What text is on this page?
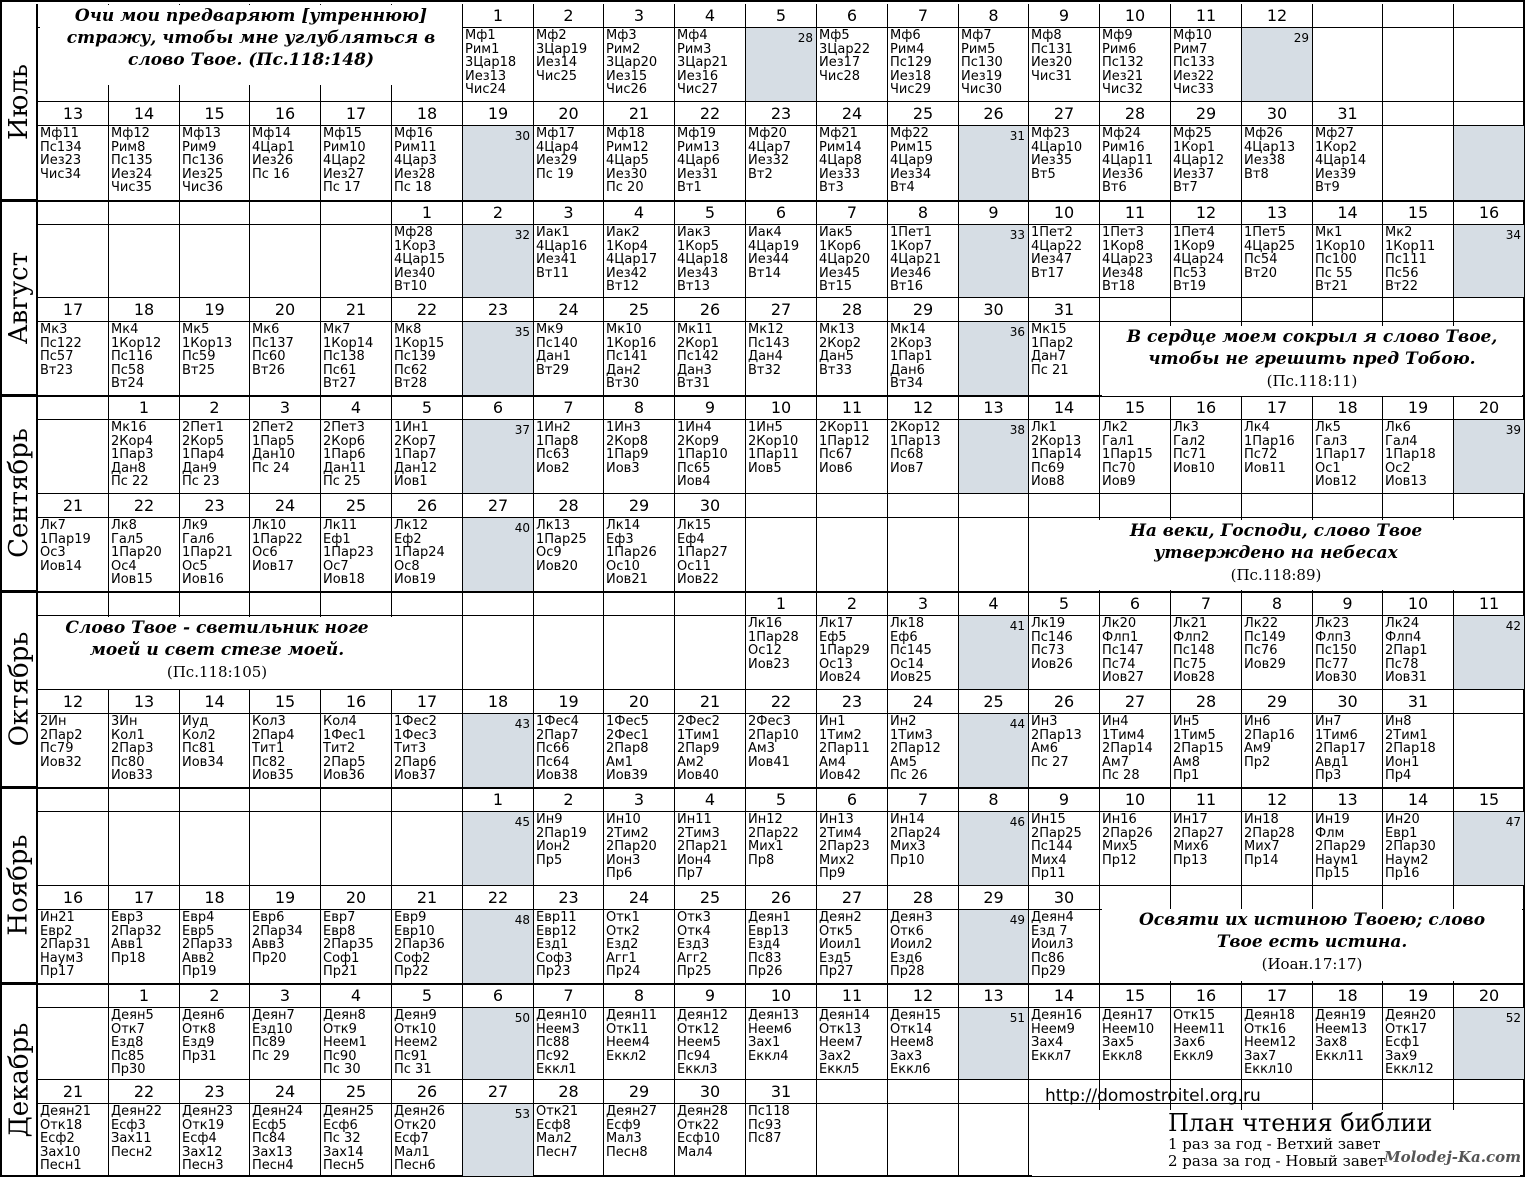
Июль
1
Мф1
Рим1
3Цар18
Иез13
Чис24
2
Мф2
3Цар19
Иез14
Чис25
3
Мф3
Рим2
3Цар20
Иез15
Чис26
4
Мф4
Рим3
3Цар21
Иез16
Чис27
5
28
6
Мф5
3Цар22
Иез17
Чис28
7
Мф6
Рим4
Пс129
Иез18
Чис29
8
Мф7
Рим5
Пс130
Иез19
Чис30
9
Мф8
Пс131
Иез20
Чис31
10
Мф9
Рим6
Пс132
Иез21
Чис32
11
Мф10
Рим7
Пс133
Иез22
Чис33
12
29
13
Мф11
Пс134
Иез23
Чис34
14
Мф12
Рим8
Пс135
Иез24
Чис35
15
Мф13
Рим9
Пс136
Иез25
Чис36
16
Мф14
4Цар1
Иез26
Пс 16
17
Мф15
Рим10
4Цар2
Иез27
Пс 17
18
Мф16
Рим11
4Цар3
Иез28
Пс 18
19
30
20
Мф17
4Цар4
Иез29
Пс 19
21
Мф18
Рим12
4Цар5
Иез30
Пс 20
22
Мф19
Рим13
4Цар6
Иез31
Вт1
23
Мф20
4Цар7
Иез32
Вт2
24
Мф21
Рим14
4Цар8
Иез33
Вт3
25
Мф22
Рим15
4Цар9
Иез34
Вт4
26
31
27
Мф23
4Цар10
Иез35
Вт5
28
Мф24
Рим16
4Цар11
Иез36
Вт6
29
Мф25
1Кор1
4Цар12
Иез37
Вт7
30
Мф26
4Цар13
Иез38
Вт8
31
Мф27
1Кор2
4Цар14
Иез39
Вт9
Август
1
Мф28
1Кор3
4Цар15
Иез40
Вт10
2
32
3
Иак1
4Цар16
Иез41
Вт11
4
Иак2
1Кор4
4Цар17
Иез42
Вт12
5
Иак3
1Кор5
4Цар18
Иез43
Вт13
6
Иак4
4Цар19
Иез44
Вт14
7
Иак5
1Кор6
4Цар20
Иез45
Вт15
8
1Пет1
1Кор7
4Цар21
Иез46
Вт16
9
33
10
1Пет2
4Цар22
Иез47
Вт17
11
1Пет3
1Кор8
4Цар23
Иез48
Вт18
12
1Пет4
1Кор9
4Цар24
Пс53
Вт19
13
1Пет5
4Цар25
Пс54
Вт20
14
Мк1
1Кор10
Пс100
Пс 55
Вт21
15
Мк2
1Кор11
Пс111
Пс56
Вт22
16
34
17
Мк3
Пс122
Пс57
Вт23
18
Мк4
1Кор12
Пс116
Пс58
Вт24
19
Мк5
1Кор13
Пс59
Вт25
20
Мк6
Пс137
Пс60
Вт26
21
Мк7
1Кор14
Пс138
Пс61
Вт27
22
Мк8
1Кор15
Пс139
Пс62
Вт28
23
35
24
Мк9
Пс140
Дан1
Вт29
25
Мк10
1Кор16
Пс141
Дан2
Вт30
26
Мк11
2Кор1
Пс142
Дан3
Вт31
27
Мк12
Пс143
Дан4
Вт32
28
Мк13
2Кор2
Дан5
Вт33
29
Мк14
2Кор3
1Пар1
Дан6
Вт34
30
36
31
Мк15
1Пар2
Дан7
Пс 21
Сентябрь
1
Мк16
2Кор4
1Пар3
Дан8
Пс 22
2
2Пет1
2Кор5
1Пар4
Дан9
Пс 23
3
2Пет2
1Пар5
Дан10
Пс 24
4
2Пет3
2Кор6
1Пар6
Дан11
Пс 25
5
1Ин1
2Кор7
1Пар7
Дан12
Иов1
6
37
7
1Ин2
1Пар8
Пс63
Иов2
8
1Ин3
2Кор8
1Пар9
Иов3
9
1Ин4
2Кор9
1Пар10
Пс65
Иов4
10
1Ин5
2Кор10
1Пар11
Иов5
11
2Кор11
1Пар12
Пс67
Иов6
12
2Кор12
1Пар13
Пс68
Иов7
13
38
14
Лк1
2Кор13
1Пар14
Пс69
Иов8
15
Лк2
Гал1
1Пар15
Пс70
Иов9
16
Лк3
Гал2
Пс71
Иов10
17
Лк4
1Пар16
Пс72
Иов11
18
Лк5
Гал3
1Пар17
Ос1
Иов12
19
Лк6
Гал4
1Пар18
Ос2
Иов13
20
39
21
Лк7
1Пар19
Ос3
Иов14
22
Лк8
Гал5
1Пар20
Ос4
Иов15
23
Лк9
Гал6
1Пар21
Ос5
Иов16
24
Лк10
1Пар22
Ос6
Иов17
25
Лк11
Еф1
1Пар23
Ос7
Иов18
26
Лк12
Еф2
1Пар24
Ос8
Иов19
27
40
28
Лк13
1Пар25
Ос9
Иов20
29
Лк14
Еф3
1Пар26
Ос10
Иов21
30
Лк15
Еф4
1Пар27
Ос11
Иов22
Октябрь
1
Лк16
1Пар28
Ос12
Иов23
2
Лк17
Еф5
1Пар29
Ос13
Иов24
3
Лк18
Еф6
Пс145
Ос14
Иов25
4
41
5
Лк19
Пс146
Пс73
Иов26
6
Лк20
Флп1
Пс147
Пс74
Иов27
7
Лк21
Флп2
Пс148
Пс75
Иов28
8
Лк22
Пс149
Пс76
Иов29
9
Лк23
Флп3
Пс150
Пс77
Иов30
10
Лк24
Флп4
2Пар1
Пс78
Иов31
11
42
12
2Ин
2Пар2
Пс79
Иов32
13
3Ин
Кол1
2Пар3
Пс80
Иов33
14
Иуд
Кол2
Пс81
Иов34
15
Кол3
2Пар4
Тит1
Пс82
Иов35
16
Кол4
1Фес1
Тит2
2Пар5
Иов36
17
1Фес2
1Фес3
Тит3
2Пар6
Иов37
18
43
19
1Фес4
2Пар7
Пс66
Пс64
Иов38
20
1Фес5
2Фес1
2Пар8
Ам1
Иов39
21
2Фес2
1Тим1
2Пар9
Ам2
Иов40
22
2Фес3
2Пар10
Ам3
Иов41
23
Ин1
1Тим2
2Пар11
Ам4
Иов42
24
Ин2
1Тим3
2Пар12
Ам5
Пс 26
25
44
26
Ин3
2Пар13
Ам6
Пс 27
27
Ин4
1Тим4
2Пар14
Ам7
Пс 28
28
Ин5
1Тим5
2Пар15
Ам8
Пр1
29
Ин6
2Пар16
Ам9
Пр2
30
Ин7
1Тим6
2Пар17
Авд1
Пр3
31
Ин8
2Тим1
2Пар18
Ион1
Пр4
Ноябрь
1
45
2
Ин9
2Пар19
Ион2
Пр5
3
Ин10
2Тим2
2Пар20
Ион3
Пр6
4
Ин11
2Тим3
2Пар21
Ион4
Пр7
5
Ин12
2Пар22
Мих1
Пр8
6
Ин13
2Тим4
2Пар23
Мих2
Пр9
7
Ин14
2Пар24
Мих3
Пр10
8
46
9
Ин15
2Пар25
Пс144
Мих4
Пр11
10
Ин16
2Пар26
Мих5
Пр12
11
Ин17
2Пар27
Мих6
Пр13
12
Ин18
2Пар28
Мих7
Пр14
13
Ин19
Флм
2Пар29
Наум1
Пр15
14
Ин20
Евр1
2Пар30
Наум2
Пр16
15
47
16
Ин21
Евр2
2Пар31
Наум3
Пр17
17
Евр3
2Пар32
Авв1
Пр18
18
Евр4
Евр5
2Пар33
Авв2
Пр19
19
Евр6
2Пар34
Авв3
Пр20
20
Евр7
Евр8
2Пар35
Соф1
Пр21
21
Евр9
Евр10
2Пар36
Соф2
Пр22
22
48
23
Евр11
Евр12
Езд1
Соф3
Пр23
24
Отк1
Отк2
Езд2
Агг1
Пр24
25
Отк3
Отк4
Езд3
Агг2
Пр25
26
Деян1
Евр13
Езд4
Пс83
Пр26
27
Деян2
Отк5
Иоил1
Езд5
Пр27
28
Деян3
Отк6
Иоил2
Езд6
Пр28
29
49
30
Деян4
Езд 7
Иоил3
Пс86
Пр29
Декабрь
1
Деян5
Отк7
Езд8
Пс85
Пр30
2
Деян6
Отк8
Езд9
Пр31
3
Деян7
Езд10
Пс89
Пс 29
4
Деян8
Отк9
Неем1
Пс90
Пс 30
5
Деян9
Отк10
Неем2
Пс91
Пс 31
6
50
7
Деян10
Неем3
Пс88
Пс92
Еккл1
8
Деян11
Отк11
Неем4
Еккл2
9
Деян12
Отк12
Неем5
Пс94
Еккл3
10
Деян13
Неем6
Зах1
Еккл4
11
Деян14
Отк13
Неем7
Зах2
Еккл5
12
Деян15
Отк14
Неем8
Зах3
Еккл6
13
51
14
Деян16
Неем9
Зах4
Еккл7
15
Деян17
Неем10
Зах5
Еккл8
16
Отк15
Неем11
Зах6
Еккл9
17
Деян18
Отк16
Неем12
Зах7
Еккл10
18
Деян19
Неем13
Зах8
Еккл11
19
Деян20
Отк17
Есф1
Зах9
Еккл12
20
52
21
Деян21
Отк18
Есф2
Зах10
Песн1
22
Деян22
Есф3
Зах11
Песн2
23
Деян23
Отк19
Есф4
Зах12
Песн3
24
Деян24
Есф5
Пс84
Зах13
Песн4
25
Деян25
Есф6
Пс 32
Зах14
Песн5
26
Деян26
Отк20
Есф7
Мал1
Песн6
27
53
28
Отк21
Есф8
Мал2
Песн7
29
Деян27
Есф9
Мал3
Песн8
30
Деян28
Отк22
Есф10
Мал4
31
Пс118
Пс93
Пс87
Очи мои предваряют [утреннюю]
стражу, чтобы мне углубляться в
слово Твое. (Пс.118:148)
В сердце моем сокрыл я слово Твое,
чтобы не грешить пред Тобою.
(Пс.118:11)
На веки, Господи, слово Твое
утверждено на небесах
(Пс.118:89)
Слово Твое - светильник ноге
моей и свет стезе моей.
(Пс.118:105)
Освяти их истиною Твоею; слово
Твое есть истина.
(Иоан.17:17)
http://domostroitel.org.ru
План чтения библии
1 раз за год - Ветхий завет
2 раза за год - Новый завет
Molodej-Ka.com
